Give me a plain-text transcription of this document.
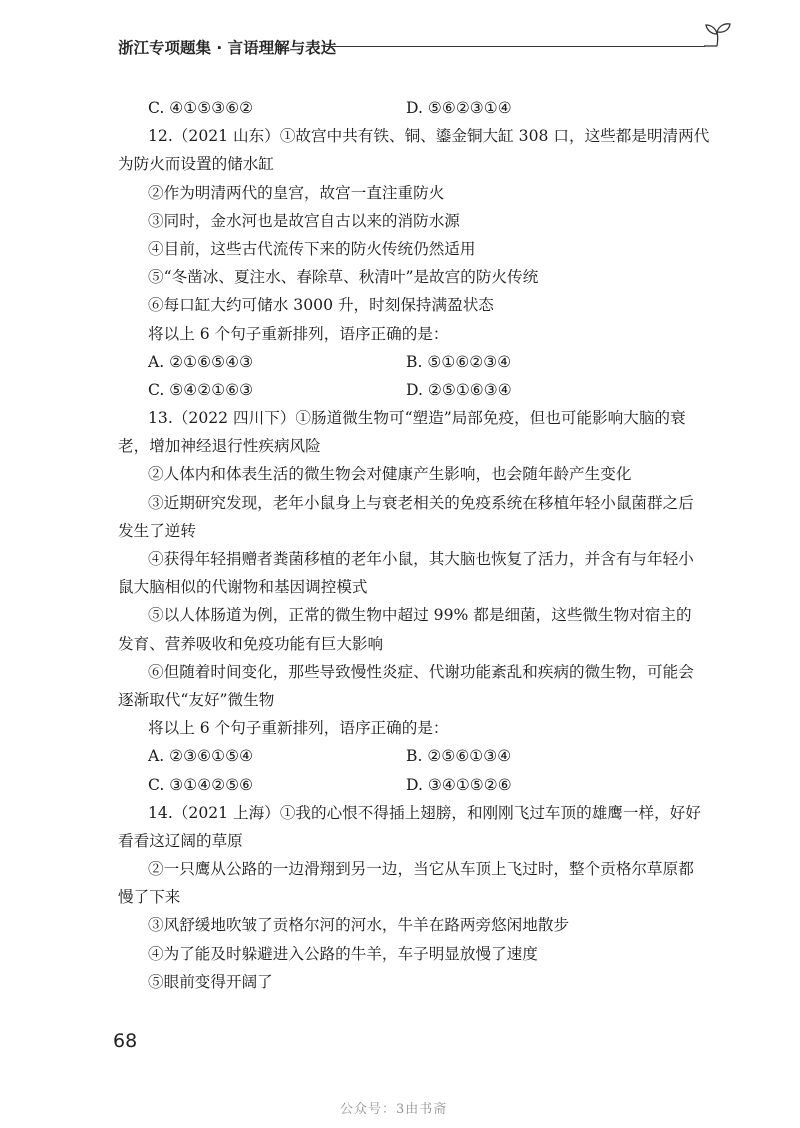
浙江专项题集 · 言语理解与表达
C. ④①⑤③⑥②	D. ⑤⑥②③①④
12.（2021 山东）①故宫中共有铁、铜、鎏金铜大缸 308 口，这些都是明清两代
为防火而设置的储水缸
②作为明清两代的皇宫，故宫一直注重防火
③同时，金水河也是故宫自古以来的消防水源
④目前，这些古代流传下来的防火传统仍然适用
⑤“冬凿冰、夏注水、春除草、秋清叶”是故宫的防火传统
⑥每口缸大约可储水 3000 升，时刻保持满盈状态
将以上 6 个句子重新排列，语序正确的是：
A. ②①⑥⑤④③	B. ⑤①⑥②③④
C. ⑤④②①⑥③	D. ②⑤①⑥③④
13.（2022 四川下）①肠道微生物可“塑造”局部免疫，但也可能影响大脑的衰
老，增加神经退行性疾病风险
②人体内和体表生活的微生物会对健康产生影响，也会随年龄产生变化
③近期研究发现，老年小鼠身上与衰老相关的免疫系统在移植年轻小鼠菌群之后
发生了逆转
④获得年轻捐赠者粪菌移植的老年小鼠，其大脑也恢复了活力，并含有与年轻小
鼠大脑相似的代谢物和基因调控模式
⑤以人体肠道为例，正常的微生物中超过 99% 都是细菌，这些微生物对宿主的
发育、营养吸收和免疫功能有巨大影响
⑥但随着时间变化，那些导致慢性炎症、代谢功能紊乱和疾病的微生物，可能会
逐渐取代“友好”微生物
将以上 6 个句子重新排列，语序正确的是：
A. ②③⑥①⑤④	B. ②⑤⑥①③④
C. ③①④②⑤⑥	D. ③④①⑤②⑥
14.（2021 上海）①我的心恨不得插上翅膀，和刚刚飞过车顶的雄鹰一样，好好
看看这辽阔的草原
②一只鹰从公路的一边滑翔到另一边，当它从车顶上飞过时，整个贡格尔草原都
慢了下来
③风舒缓地吹皱了贡格尔河的河水，牛羊在路两旁悠闲地散步
④为了能及时躲避进入公路的牛羊，车子明显放慢了速度
⑤眼前变得开阔了
68
公众号：3由书斋
